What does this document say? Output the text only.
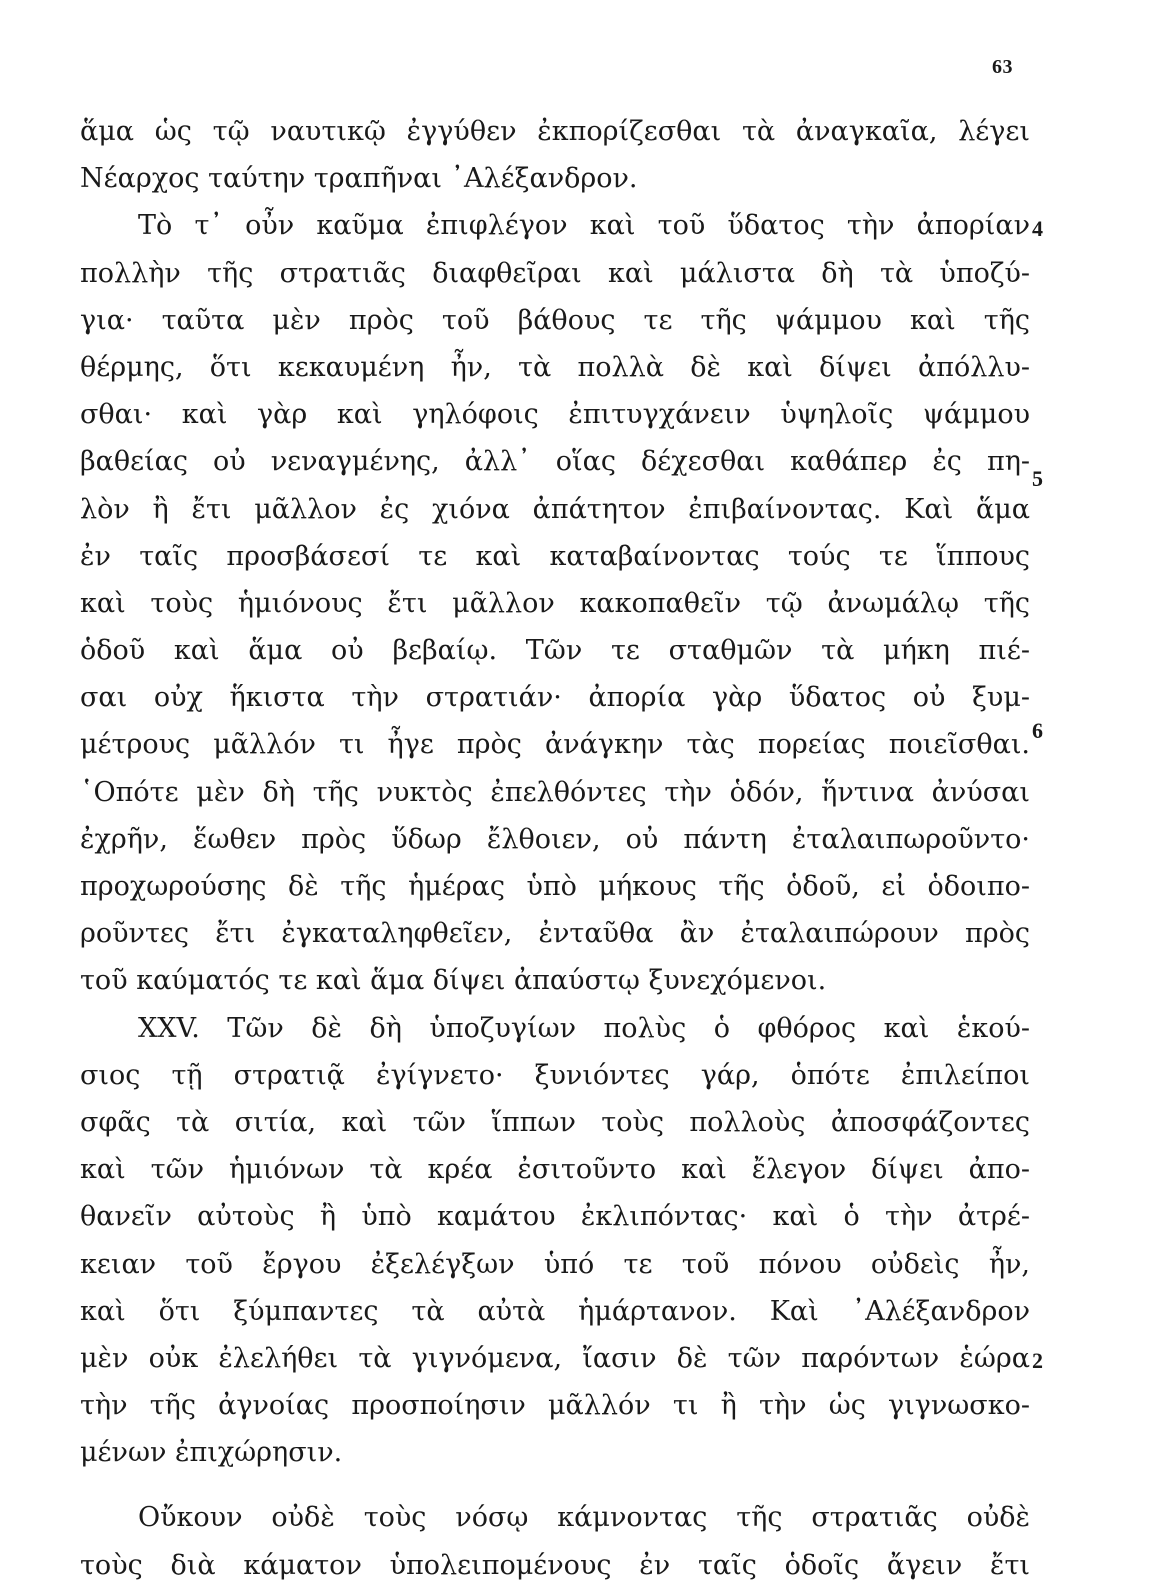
63
ἅμα ὡς τῷ ναυτικῷ ἐγγύθεν ἐκπορίζεσθαι τὰ ἀναγκαῖα, λέγει
Νέαρχος ταύτην τραπῆναι ᾿Αλέξανδρον.
Τὸ τ᾿ οὖν καῦμα ἐπιφλέγον καὶ τοῦ ὕδατος τὴν ἀπορίαν
πολλὴν τῆς στρατιᾶς διαφθεῖραι καὶ μάλιστα δὴ τὰ ὑποζύ-
για· ταῦτα μὲν πρὸς τοῦ βάθους τε τῆς ψάμμου καὶ τῆς
θέρμης, ὅτι κεκαυμένη ἦν, τὰ πολλὰ δὲ καὶ δίψει ἀπόλλυ-
σθαι· καὶ γὰρ καὶ γηλόφοις ἐπιτυγχάνειν ὑψηλοῖς ψάμμου
βαθείας οὐ νεναγμένης, ἀλλ᾿ οἵας δέχεσθαι καθάπερ ἐς πη-
λὸν ἢ ἔτι μᾶλλον ἐς χιόνα ἀπάτητον ἐπιβαίνοντας. Καὶ ἅμα
ἐν ταῖς προσβάσεσί τε καὶ καταβαίνοντας τούς τε ἵππους
καὶ τοὺς ἡμιόνους ἔτι μᾶλλον κακοπαθεῖν τῷ ἀνωμάλῳ τῆς
ὁδοῦ καὶ ἅμα οὐ βεβαίῳ. Τῶν τε σταθμῶν τὰ μήκη πιέ-
σαι οὐχ ἥκιστα τὴν στρατιάν· ἀπορία γὰρ ὕδατος οὐ ξυμ-
μέτρους μᾶλλόν τι ἦγε πρὸς ἀνάγκην τὰς πορείας ποιεῖσθαι.
῾Οπότε μὲν δὴ τῆς νυκτὸς ἐπελθόντες τὴν ὁδόν, ἥντινα ἀνύσαι
ἐχρῆν, ἕωθεν πρὸς ὕδωρ ἔλθοιεν, οὐ πάντη ἐταλαιπωροῦντο·
προχωρούσης δὲ τῆς ἡμέρας ὑπὸ μήκους τῆς ὁδοῦ, εἰ ὁδοιπο-
ροῦντες ἔτι ἐγκαταληφθεῖεν, ἐνταῦθα ἂν ἐταλαιπώρουν πρὸς
τοῦ καύματός τε καὶ ἅμα δίψει ἀπαύστῳ ξυνεχόμενοι.
XXV. Τῶν δὲ δὴ ὑποζυγίων πολὺς ὁ φθόρος καὶ ἑκού-
σιος τῇ στρατιᾷ ἐγίγνετο· ξυνιόντες γάρ, ὁπότε ἐπιλείποι
σφᾶς τὰ σιτία, καὶ τῶν ἵππων τοὺς πολλοὺς ἀποσφάζοντες
καὶ τῶν ἡμιόνων τὰ κρέα ἐσιτοῦντο καὶ ἔλεγον δίψει ἀπο-
θανεῖν αὐτοὺς ἢ ὑπὸ καμάτου ἐκλιπόντας· καὶ ὁ τὴν ἀτρέ-
κειαν τοῦ ἔργου ἐξελέγξων ὑπό τε τοῦ πόνου οὐδεὶς ἦν,
καὶ ὅτι ξύμπαντες τὰ αὐτὰ ἡμάρτανον. Καὶ ᾿Αλέξανδρον
μὲν οὐκ ἐλελήθει τὰ γιγνόμενα, ἴασιν δὲ τῶν παρόντων ἑώρα
τὴν τῆς ἀγνοίας προσποίησιν μᾶλλόν τι ἢ τὴν ὡς γιγνωσκο-
μένων ἐπιχώρησιν.
Οὔκουν οὐδὲ τοὺς νόσῳ κάμνοντας τῆς στρατιᾶς οὐδὲ
τοὺς διὰ κάματον ὑπολειπομένους ἐν ταῖς ὁδοῖς ἄγειν ἔτι
4
5
6
2
